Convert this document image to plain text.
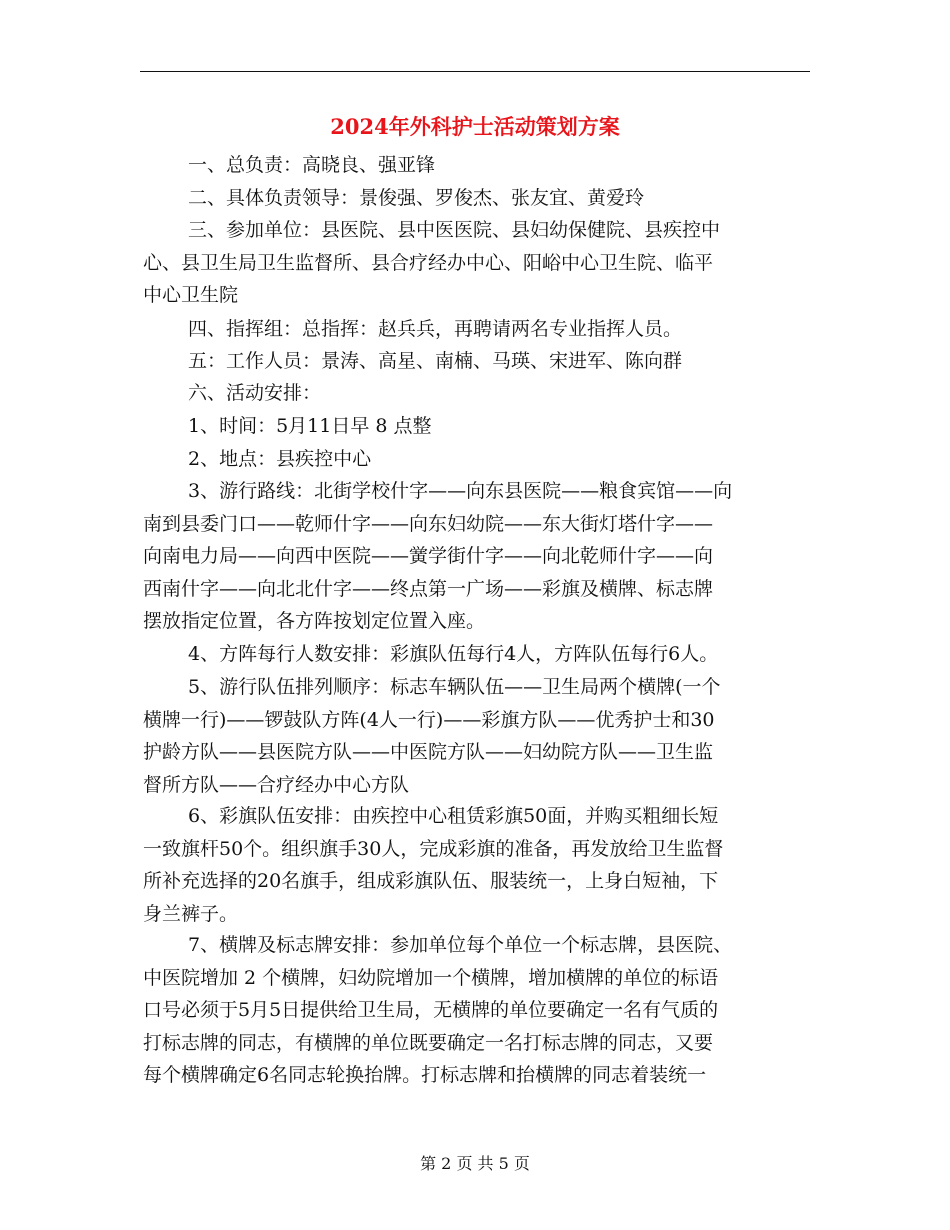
2024年外科护士活动策划方案

一、总负责：高晓良、强亚锋

二、具体负责领导：景俊强、罗俊杰、张友宜、黄爱玲

三、参加单位：县医院、县中医医院、县妇幼保健院、县疾控中
心、县卫生局卫生监督所、县合疗经办中心、阳峪中心卫生院、临平
中心卫生院

四、指挥组：总指挥：赵兵兵，再聘请两名专业指挥人员。

五：工作人员：景涛、高星、南楠、马瑛、宋进军、陈向群

六、活动安排：

1、时间：5月11日早 8 点整

2、地点：县疾控中心

3、游行路线：北街学校什字——向东县医院——粮食宾馆——向
南到县委门口——乾师什字——向东妇幼院——东大街灯塔什字——
向南电力局——向西中医院——黉学街什字——向北乾师什字——向
西南什字——向北北什字——终点第一广场——彩旗及横牌、标志牌
摆放指定位置，各方阵按划定位置入座。

4、方阵每行人数安排：彩旗队伍每行4人，方阵队伍每行6人。

5、游行队伍排列顺序：标志车辆队伍——卫生局两个横牌(一个
横牌一行)——锣鼓队方阵(4人一行)——彩旗方队——优秀护士和30
护龄方队——县医院方队——中医院方队——妇幼院方队——卫生监
督所方队——合疗经办中心方队

6、彩旗队伍安排：由疾控中心租赁彩旗50面，并购买粗细长短
一致旗杆50个。组织旗手30人，完成彩旗的准备，再发放给卫生监督
所补充选择的20名旗手，组成彩旗队伍、服装统一，上身白短袖，下
身兰裤子。

7、横牌及标志牌安排：参加单位每个单位一个标志牌，县医院、
中医院增加 2 个横牌，妇幼院增加一个横牌，增加横牌的单位的标语
口号必须于5月5日提供给卫生局，无横牌的单位要确定一名有气质的
打标志牌的同志，有横牌的单位既要确定一名打标志牌的同志，又要
每个横牌确定6名同志轮换抬牌。打标志牌和抬横牌的同志着装统一

第 2 页 共 5 页
